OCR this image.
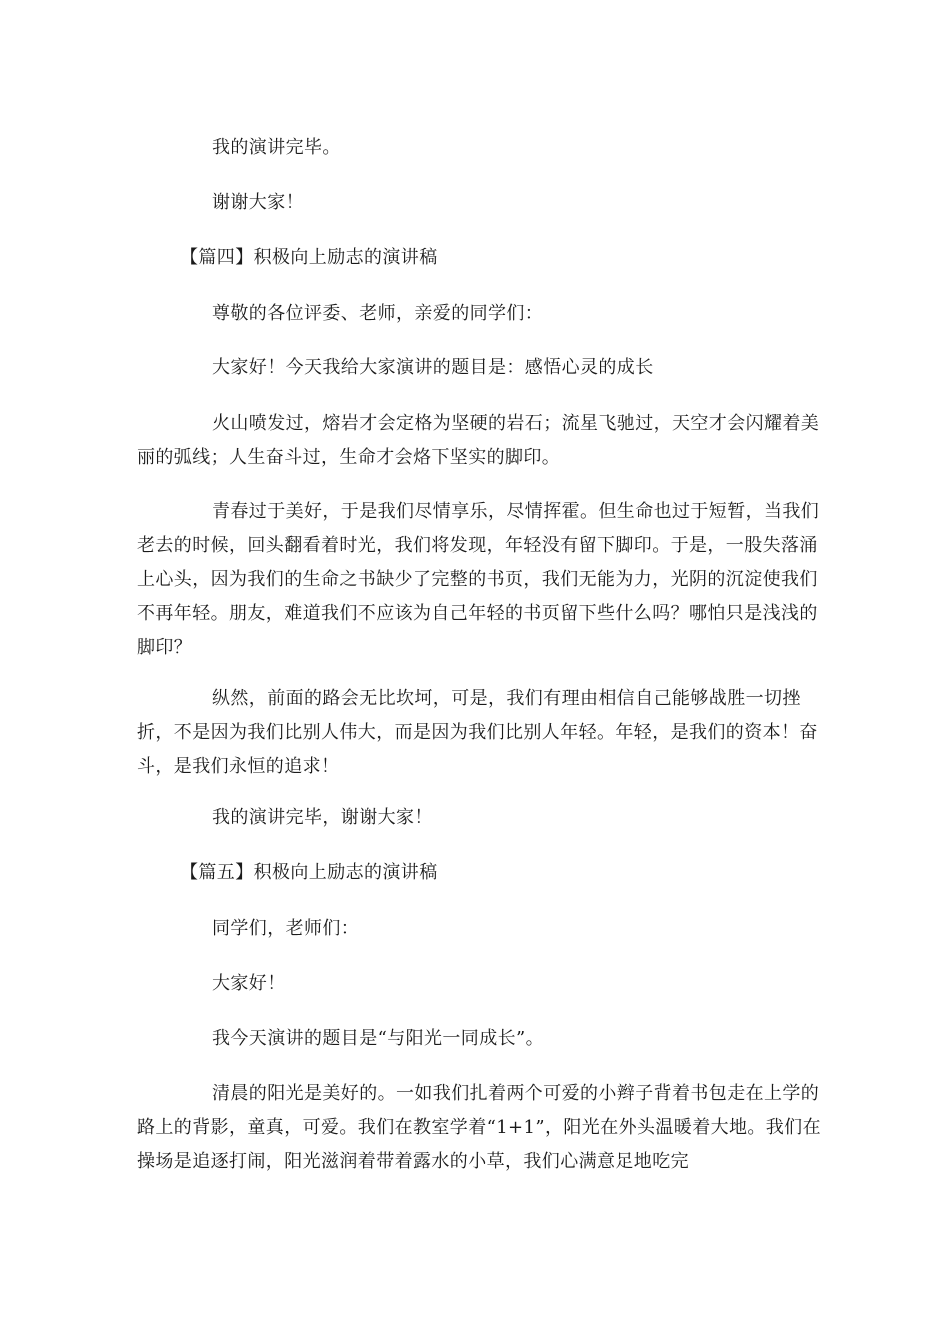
我的演讲完毕。

谢谢大家！

【篇四】积极向上励志的演讲稿

尊敬的各位评委、老师，亲爱的同学们：

大家好！今天我给大家演讲的题目是：感悟心灵的成长

火山喷发过，熔岩才会定格为坚硬的岩石；流星飞驰过，天空才会闪耀着美丽的弧线；人生奋斗过，生命才会烙下坚实的脚印。

青春过于美好，于是我们尽情享乐，尽情挥霍。但生命也过于短暂，当我们老去的时候，回头翻看着时光，我们将发现，年轻没有留下脚印。于是，一股失落涌上心头，因为我们的生命之书缺少了完整的书页，我们无能为力，光阴的沉淀使我们不再年轻。朋友，难道我们不应该为自己年轻的书页留下些什么吗？哪怕只是浅浅的脚印？

纵然，前面的路会无比坎坷，可是，我们有理由相信自己能够战胜一切挫折，不是因为我们比别人伟大，而是因为我们比别人年轻。年轻，是我们的资本！奋斗，是我们永恒的追求！

我的演讲完毕，谢谢大家！

【篇五】积极向上励志的演讲稿

同学们，老师们：

大家好！

我今天演讲的题目是“与阳光一同成长”。

清晨的阳光是美好的。一如我们扎着两个可爱的小辫子背着书包走在上学的路上的背影，童真，可爱。我们在教室学着“1+1”，阳光在外头温暖着大地。我们在操场是追逐打闹，阳光滋润着带着露水的小草，我们心满意足地吃完
